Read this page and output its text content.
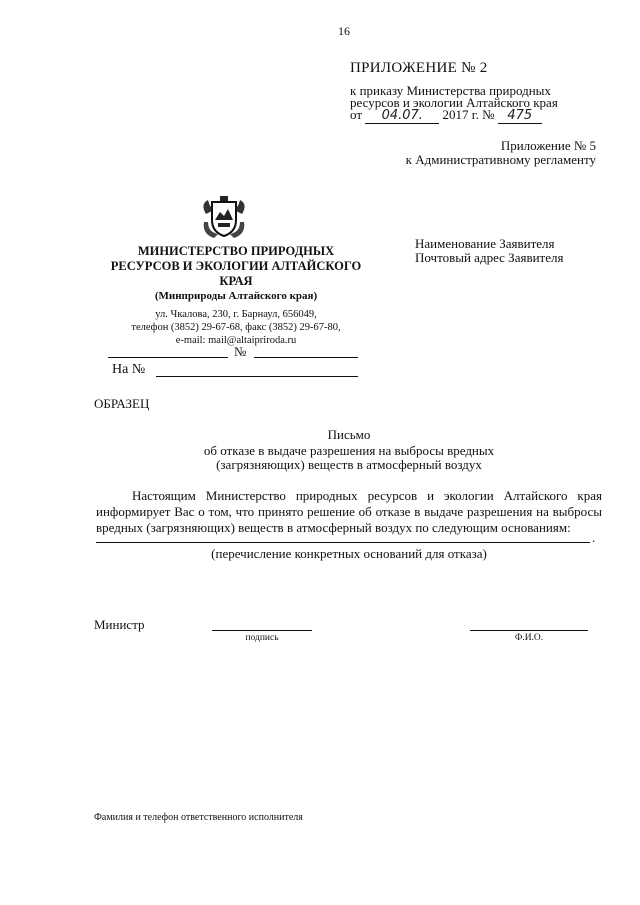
16
ПРИЛОЖЕНИЕ № 2
к приказу Министерства природных
ресурсов и экологии Алтайского края
от 04.07. 2017 г. № 475
Приложение № 5
к Административному регламенту
МИНИСТЕРСТВО ПРИРОДНЫХ РЕСУРСОВ И ЭКОЛОГИИ АЛТАЙСКОГО КРАЯ
(Минприроды Алтайского края)
ул. Чкалова, 230, г. Барнаул, 656049,
телефон (3852) 29-67-68, факс (3852) 29-67-80,
e-mail: mail@altaipriroda.ru
№
На №
Наименование Заявителя
Почтовый адрес Заявителя
ОБРАЗЕЦ
Письмо
об отказе в выдаче разрешения на выбросы вредных
(загрязняющих) веществ в атмосферный воздух
Настоящим Министерство природных ресурсов и экологии Алтайского края информирует Вас о том, что принято решение об отказе в выдаче разрешения на выбросы вредных (загрязняющих) веществ в атмосферный воздух по следующим основаниям:
.
(перечисление конкретных оснований для отказа)
Министр
подпись	Ф.И.О.
Фамилия и телефон ответственного исполнителя
